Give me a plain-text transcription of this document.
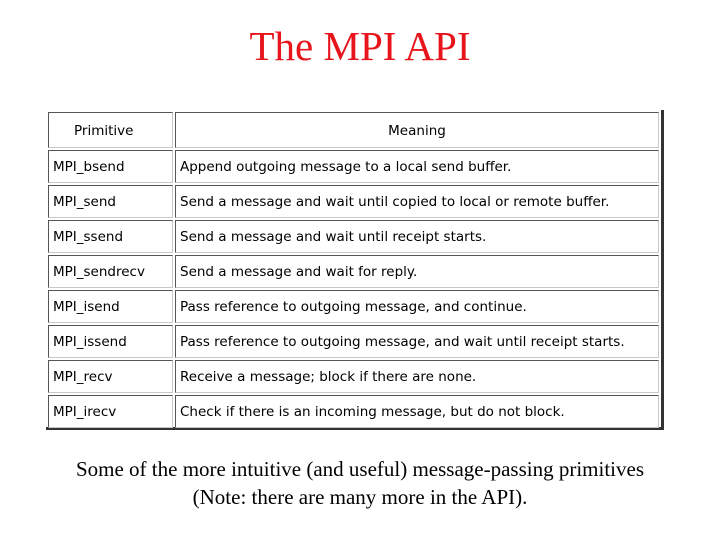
The MPI API
Primitive	Meaning
MPI_bsend	Append outgoing message to a local send buffer.
MPI_send	Send a message and wait until copied to local or remote buffer.
MPI_ssend	Send a message and wait until receipt starts.
MPI_sendrecv	Send a message and wait for reply.
MPI_isend	Pass reference to outgoing message, and continue.
MPI_issend	Pass reference to outgoing message, and wait until receipt starts.
MPI_recv	Receive a message; block if there are none.
MPI_irecv	Check if there is an incoming message, but do not block.
Some of the more intuitive (and useful) message-passing primitives
(Note: there are many more in the API).
